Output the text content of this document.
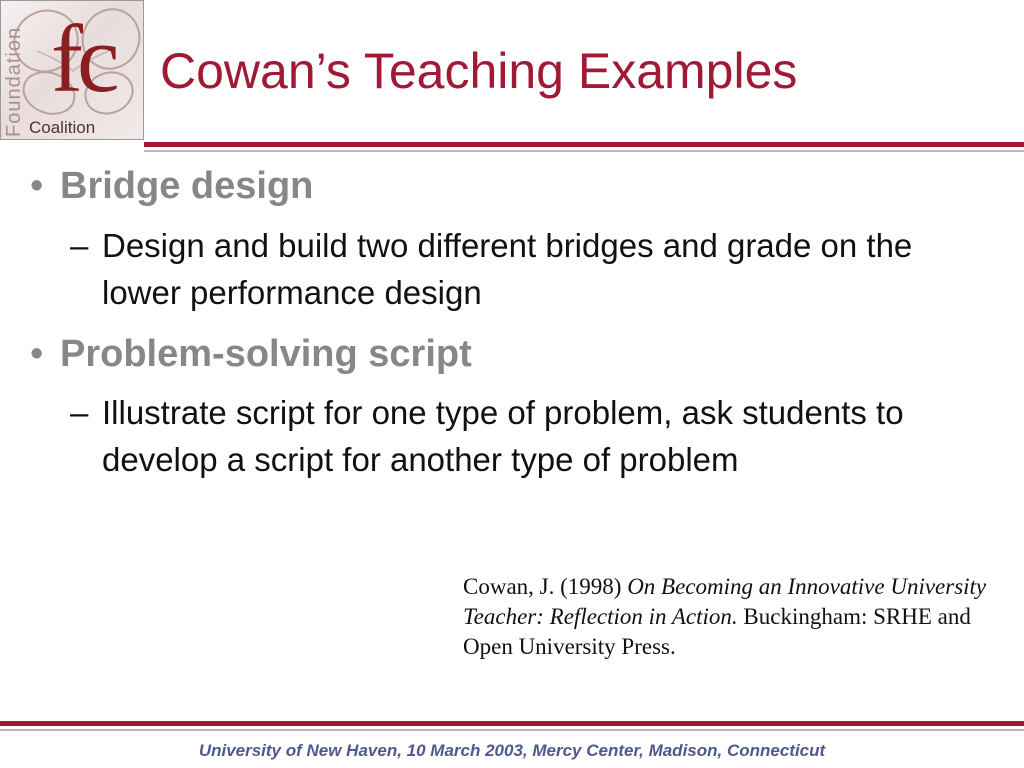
Foundation fc
Coalition
Cowan’s Teaching Examples
• Bridge design
– Design and build two different bridges and grade on the lower performance design
• Problem-solving script
– Illustrate script for one type of problem, ask students to develop a script for another type of problem
Cowan, J. (1998) On Becoming an Innovative University Teacher: Reflection in Action. Buckingham: SRHE and Open University Press.
University of New Haven, 10 March 2003, Mercy Center, Madison, Connecticut
